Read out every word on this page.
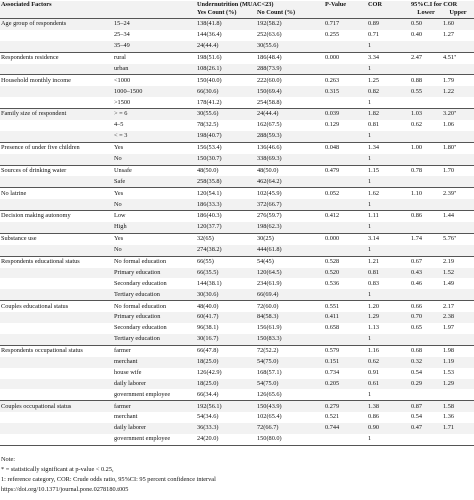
Associated Factors		Undernutrition (MUAC<23)		P-Value	COR	95%C.I for COR	
		Yes Count (%)	No Count (%)			Lower	Upper
Age group of respondents	15–24	138(41.8)	192(58.2)	0.717	0.89	0.50	1.60
	25–34	144(36.4)	252(63.6)	0.255	0.71	0.40	1.27
	35–49	24(44.4)	30(55.6)		1		
Respondents residence	rural	198(51.6)	186(48.4)	0.000	3.34	2.47	4.51*
	urban	108(26.1)	288(73.9)		1		
Household monthly income	<1000	150(40.0)	222(60.0)	0.263	1.25	0.88	1.79
	1000–1500	66(30.6)	150(69.4)	0.315	0.82	0.55	1.22
	>1500	178(41.2)	254(58.8)		1		
Family size of respondent	> = 6	30(55.6)	24(44.4)	0.039	1.82	1.03	3.20*
	4–5	78(32.5)	162(67.5)	0.129	0.81	0.62	1.06
	< = 3	198(40.7)	288(59.3)		1		
Presence of under five children	Yes	156(53.4)	136(46.6)	0.048	1.34	1.00	1.80*
	No	150(30.7)	338(69.3)		1		
Sources of drinking water	Unsafe	48(50.0)	48(50.0)	0.479	1.15	0.78	1.70
	Safe	258(35.8)	462(64.2)		1		
No latrine	Yes	120(54.1)	102(45.9)	0.052	1.62	1.10	2.39*
	No	186(33.3)	372(66.7)		1		
Decision making autonomy	Low	186(40.3)	276(59.7)	0.412	1.11	0.86	1.44
	High	120(37.7)	198(62.3)		1		
Substance use	Yes	32(65)	30(25)	0.000	3.14	1.74	5.76*
	No	274(38.2)	444(61.8)		1		
Respondents educational status	No formal education	66(55)	54(45)	0.528	1.21	0.67	2.19
	Primary education	66(35.5)	120(64.5)	0.520	0.81	0.43	1.52
	Secondary education	144(38.1)	234(61.9)	0.536	0.83	0.46	1.49
	Tertiary education	30(30.6)	66(69.4)		1		
Couples educational status	No formal education	48(40.0)	72(60.0)	0.551	1.20	0.66	2.17
	Primary education	60(41.7)	84(58.3)	0.411	1.29	0.70	2.38
	Secondary education	96(38.1)	156(61.9)	0.658	1.13	0.65	1.97
	Tertiary education	30(16.7)	150(83.3)		1		
Respondents occupational status	farmer	66(47.8)	72(52.2)	0.579	1.16	0.68	1.98
	merchant	18(25.0)	54(75.0)	0.151	0.62	0.32	1.19
	house wife	126(42.9)	168(57.1)	0.734	0.91	0.54	1.53
	daily laborer	18(25.0)	54(75.0)	0.205	0.61	0.29	1.29
	government employee	66(34.4)	126(65.6)		1		
Couples occupational status	farmer	192(56.1)	150(43.9)	0.279	1.38	0.87	1.58
	merchant	54(34.6)	102(65.4)	0.521	0.86	0.54	1.36
	daily laborer	36(33.3)	72(66.7)	0.744	0.90	0.47	1.71
	government employee	24(20.0)	150(80.0)		1		
Note:
* = statistically significant at p-value < 0.25,
1: reference category, COR: Crude odds ratio, 95%CI: 95 percent confidence interval
https://doi.org/10.1371/journal.pone.0278180.t005
